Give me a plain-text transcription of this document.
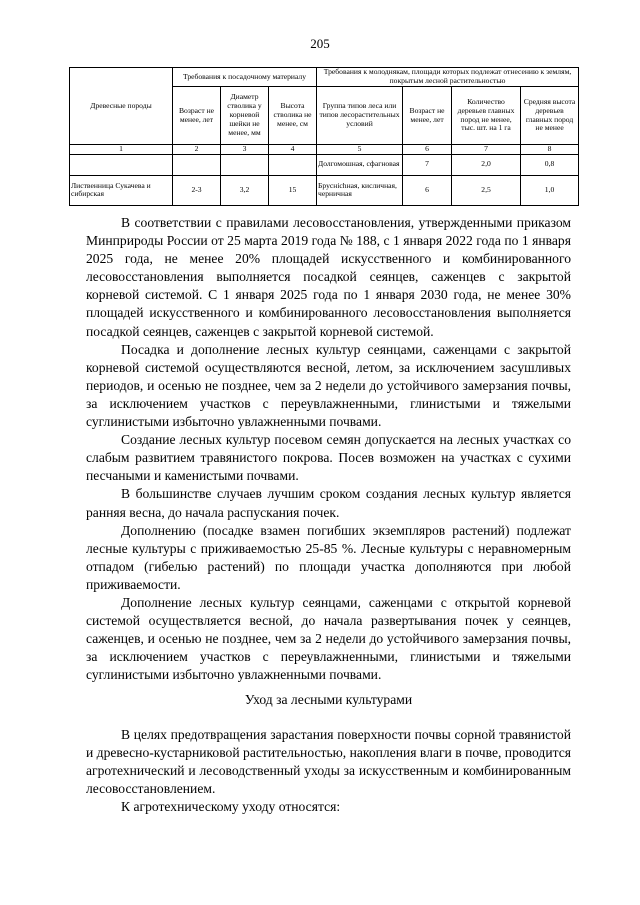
205
Древесные породы	Требования к посадочному материалу			Требования к молоднякам, площади которых подлежат отнесению к землям, покрытым лесной растительностью			
	Возраст не менее, лет	Диаметр стволика у корневой шейки не менее, мм	Высота стволика не менее, см	Группа типов леса или типов лесорастительных условий	Возраст не менее, лет	Количество деревьев главных пород не менее, тыс. шт. на 1 га	Средняя высота деревьев главных пород не менее
1	2	3	4	5	6	7	8
				Долгомошная, сфагновая	7	2,0	0,8
Лиственница Сукачева и сибирская	2-3	3,2	15	Бруснichная, кисличная, черничная	6	2,5	1,0

В соответствии с правилами лесовосстановления, утвержденными приказом Минприроды России от 25 марта 2019 года № 188, с 1 января 2022 года по 1 января 2025 года, не менее 20% площадей искусственного и комбинированного лесовосстановления выполняется посадкой сеянцев, саженцев с закрытой корневой системой. С 1 января 2025 года по 1 января 2030 года, не менее 30% площадей искусственного и комбинированного лесовосстановления выполняется посадкой сеянцев, саженцев с закрытой корневой системой.

Посадка и дополнение лесных культур сеянцами, саженцами с закрытой корневой системой осуществляются весной, летом, за исключением засушливых периодов, и осенью не позднее, чем за 2 недели до устойчивого замерзания почвы, за исключением участков с переувлажненными, глинистыми и тяжелыми суглинистыми избыточно увлажненными почвами.

Создание лесных культур посевом семян допускается на лесных участках со слабым развитием травянистого покрова. Посев возможен на участках с сухими песчаными и каменистыми почвами.

В большинстве случаев лучшим сроком создания лесных культур является ранняя весна, до начала распускания почек.

Дополнению (посадке взамен погибших экземпляров растений) подлежат лесные культуры с приживаемостью 25-85 %. Лесные культуры с неравномерным отпадом (гибелью растений) по площади участка дополняются при любой приживаемости.

Дополнение лесных культур сеянцами, саженцами с открытой корневой системой осуществляется весной, до начала развертывания почек у сеянцев, саженцев, и осенью не позднее, чем за 2 недели до устойчивого замерзания почвы, за исключением участков с переувлажненными, глинистыми и тяжелыми суглинистыми избыточно увлажненными почвами.

Уход за лесными культурами

В целях предотвращения зарастания поверхности почвы сорной травянистой и древесно-кустарниковой растительностью, накопления влаги в почве, проводится агротехнический и лесоводственный уходы за искусственным и комбинированным лесовосстановлением.

К агротехническому уходу относятся:
